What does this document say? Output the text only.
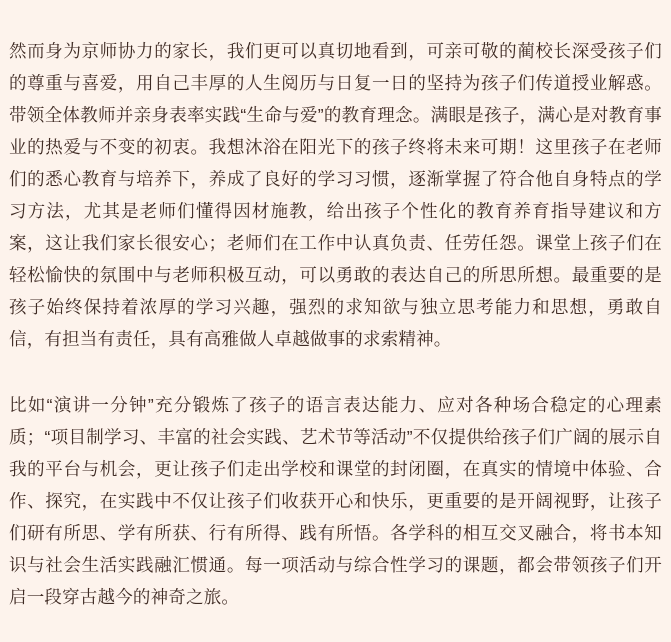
然而身为京师协力的家长，我们更可以真切地看到，可亲可敬的蔺校长深受孩子们的尊重与喜爱，用自己丰厚的人生阅历与日复一日的坚持为孩子们传道授业解惑。带领全体教师并亲身表率实践“生命与爱”的教育理念。满眼是孩子，满心是对教育事业的热爱与不变的初衷。我想沐浴在阳光下的孩子终将未来可期！这里孩子在老师们的悉心教育与培养下，养成了良好的学习习惯，逐渐掌握了符合他自身特点的学习方法，尤其是老师们懂得因材施教，给出孩子个性化的教育养育指导建议和方案，这让我们家长很安心；老师们在工作中认真负责、任劳任怨。课堂上孩子们在轻松愉快的氛围中与老师积极互动，可以勇敢的表达自己的所思所想。最重要的是孩子始终保持着浓厚的学习兴趣，强烈的求知欲与独立思考能力和思想，勇敢自信，有担当有责任，具有高雅做人卓越做事的求索精神。

比如“演讲一分钟”充分锻炼了孩子的语言表达能力、应对各种场合稳定的心理素质；“项目制学习、丰富的社会实践、艺术节等活动”不仅提供给孩子们广阔的展示自我的平台与机会，更让孩子们走出学校和课堂的封闭圈，在真实的情境中体验、合作、探究，在实践中不仅让孩子们收获开心和快乐，更重要的是开阔视野，让孩子们研有所思、学有所获、行有所得、践有所悟。各学科的相互交叉融合，将书本知识与社会生活实践融汇惯通。每一项活动与综合性学习的课题，都会带领孩子们开启一段穿古越今的神奇之旅。
